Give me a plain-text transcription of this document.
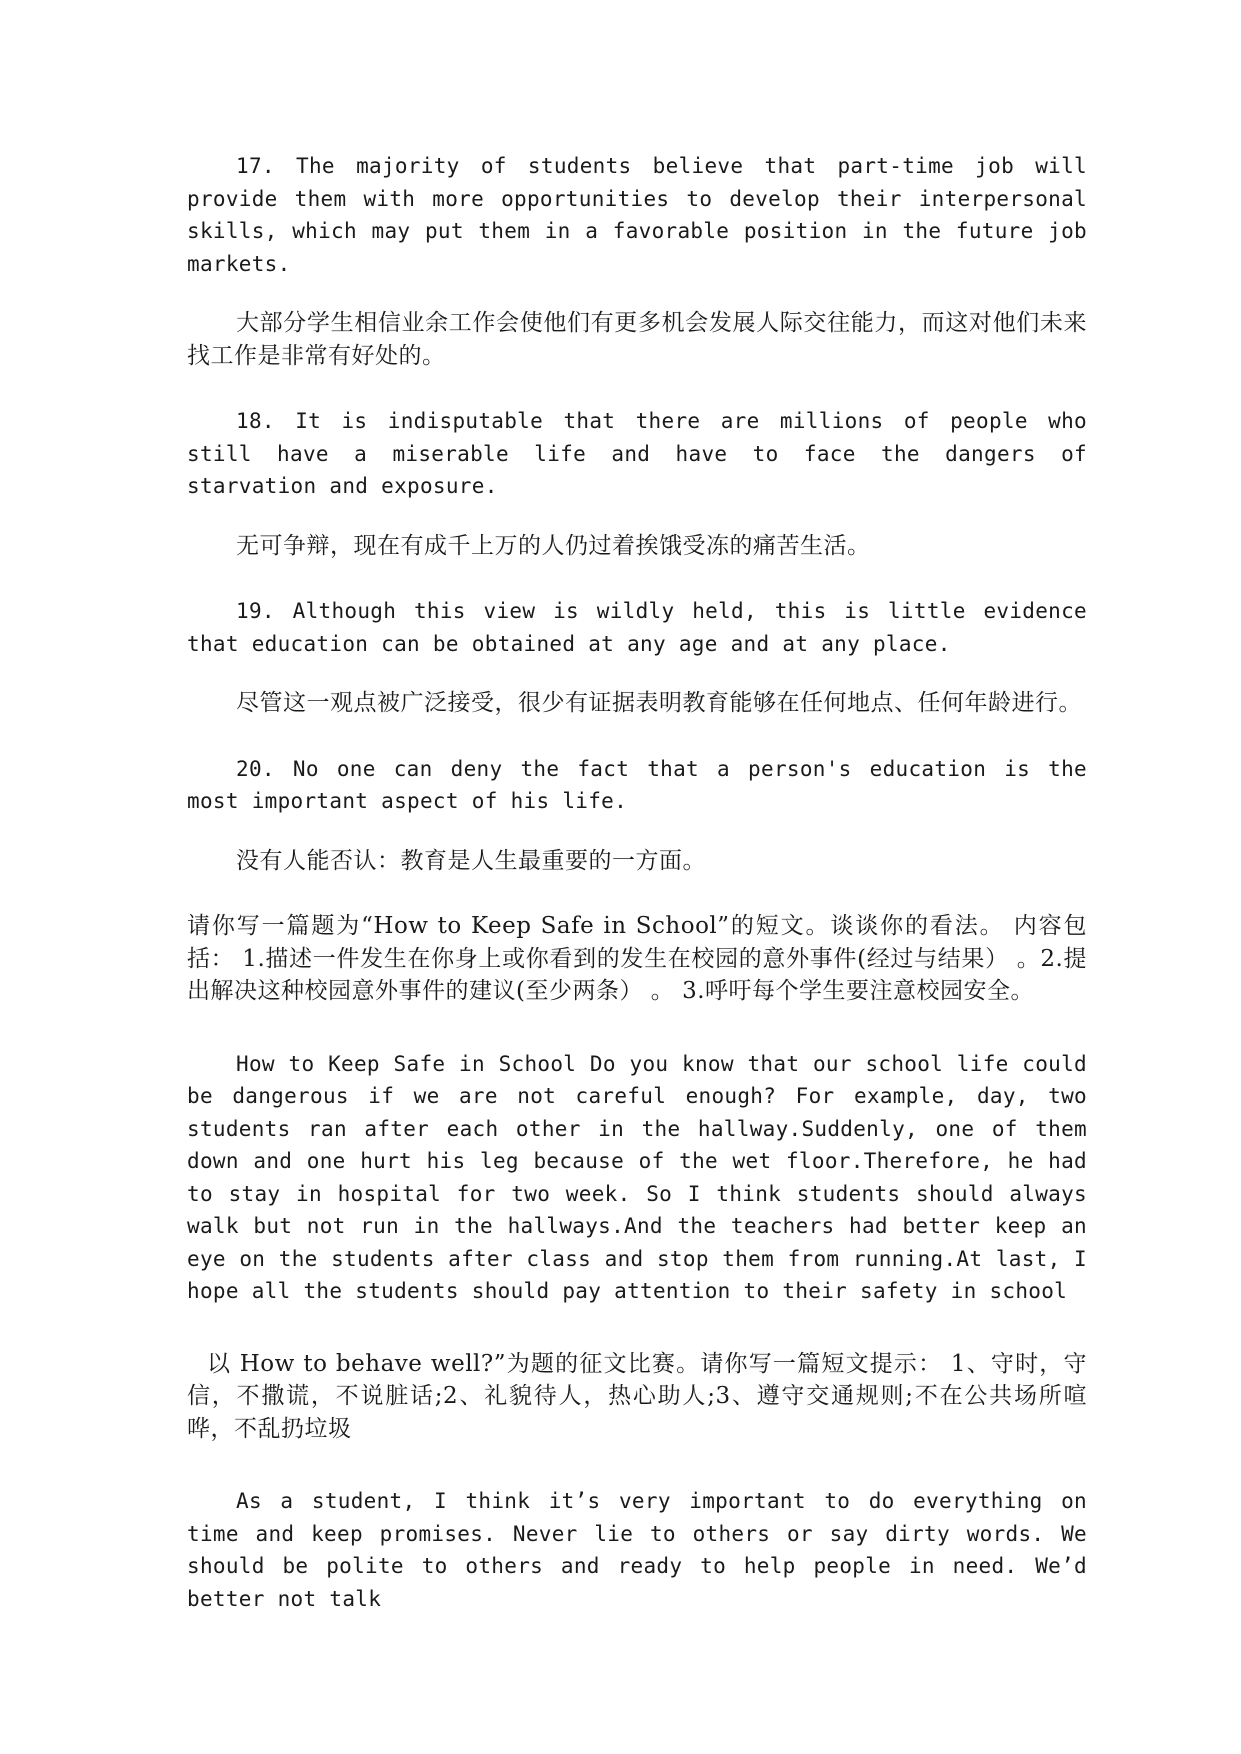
17. The majority of students believe that part-time job will provide them with more opportunities to develop their interpersonal skills, which may put them in a favorable position in the future job markets.

大部分学生相信业余工作会使他们有更多机会发展人际交往能力，而这对他们未来找工作是非常有好处的。

18. It is indisputable that there are millions of people who still have a miserable life and have to face the dangers of starvation and exposure.

无可争辩，现在有成千上万的人仍过着挨饿受冻的痛苦生活。

19. Although this view is wildly held, this is little evidence that education can be obtained at any age and at any place.

尽管这一观点被广泛接受，很少有证据表明教育能够在任何地点、任何年龄进行。

20. No one can deny the fact that a person's education is the most important aspect of his life.

没有人能否认：教育是人生最重要的一方面。

请你写一篇题为“How to Keep Safe in School”的短文。谈谈你的看法。 内容包括： 1.描述一件发生在你身上或你看到的发生在校园的意外事件(经过与结果） 。2.提出解决这种校园意外事件的建议(至少两条） 。 3.呼吁每个学生要注意校园安全。

How to Keep Safe in School Do you know that our school life could be dangerous if we are not careful enough? For example, day, two students ran after each other in the hallway.Suddenly, one of them down and one hurt his leg because of the wet floor.Therefore, he had to stay in hospital for two week. So I think students should always walk but not run in the hallways.And the teachers had better keep an eye on the students after class and stop them from running.At last, I hope all the students should pay attention to their safety in school

以 How to behave well?”为题的征文比赛。请你写一篇短文提示： 1、守时，守信，不撒谎，不说脏话;2、礼貌待人，热心助人;3、遵守交通规则;不在公共场所喧哗，不乱扔垃圾

As a student, I think it’s very important to do everything on time and keep promises. Never lie to others or say dirty words. We should be polite to others and ready to help people in need. We’d better not talk
